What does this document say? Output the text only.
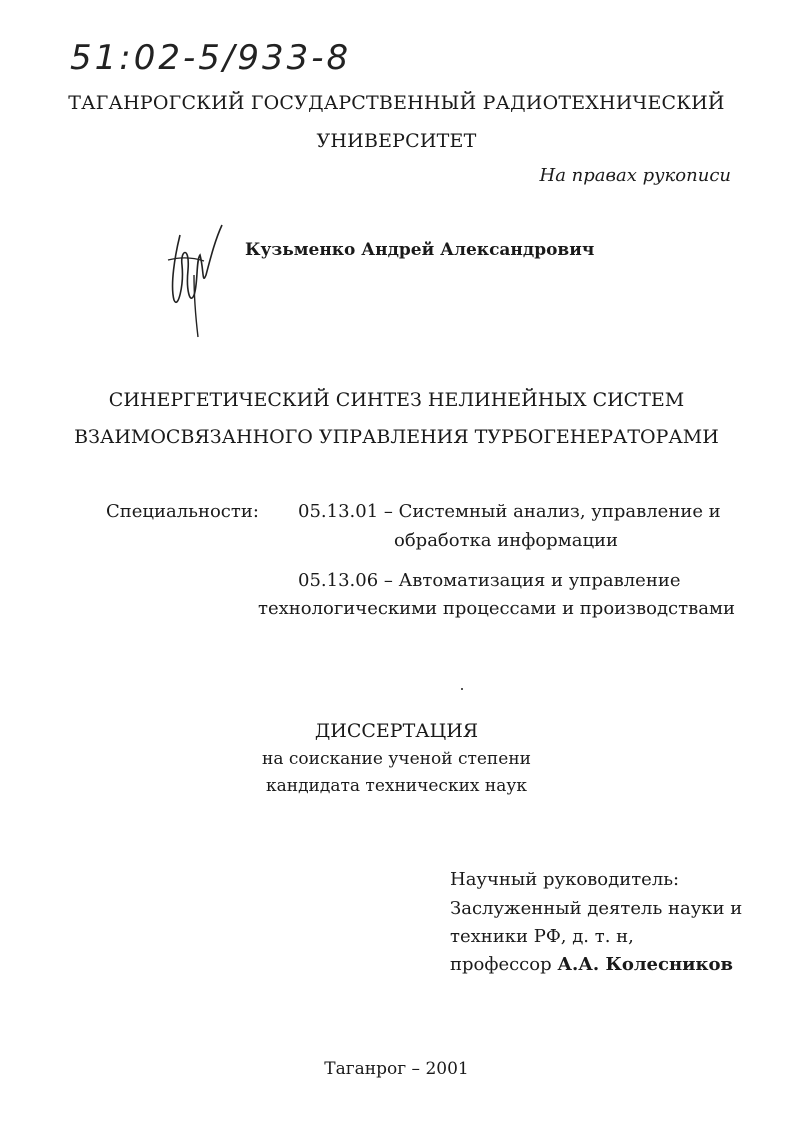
51:02-5/933-8
ТАГАНРОГСКИЙ ГОСУДАРСТВЕННЫЙ РАДИОТЕХНИЧЕСКИЙ
УНИВЕРСИТЕТ
На правах рукописи
Кузьменко Андрей Александрович
СИНЕРГЕТИЧЕСКИЙ СИНТЕЗ НЕЛИНЕЙНЫХ СИСТЕМ
ВЗАИМОСВЯЗАННОГО УПРАВЛЕНИЯ ТУРБОГЕНЕРАТОРАМИ
Специальности: 05.13.01 – Системный анализ, управление и
обработка информации
05.13.06 – Автоматизация и управление
технологическими процессами и производствами
ДИССЕРТАЦИЯ
на соискание ученой степени
кандидата технических наук
Научный руководитель:
Заслуженный деятель науки и
техники РФ, д. т. н,
профессор А.А. Колесников
Таганрог – 2001
